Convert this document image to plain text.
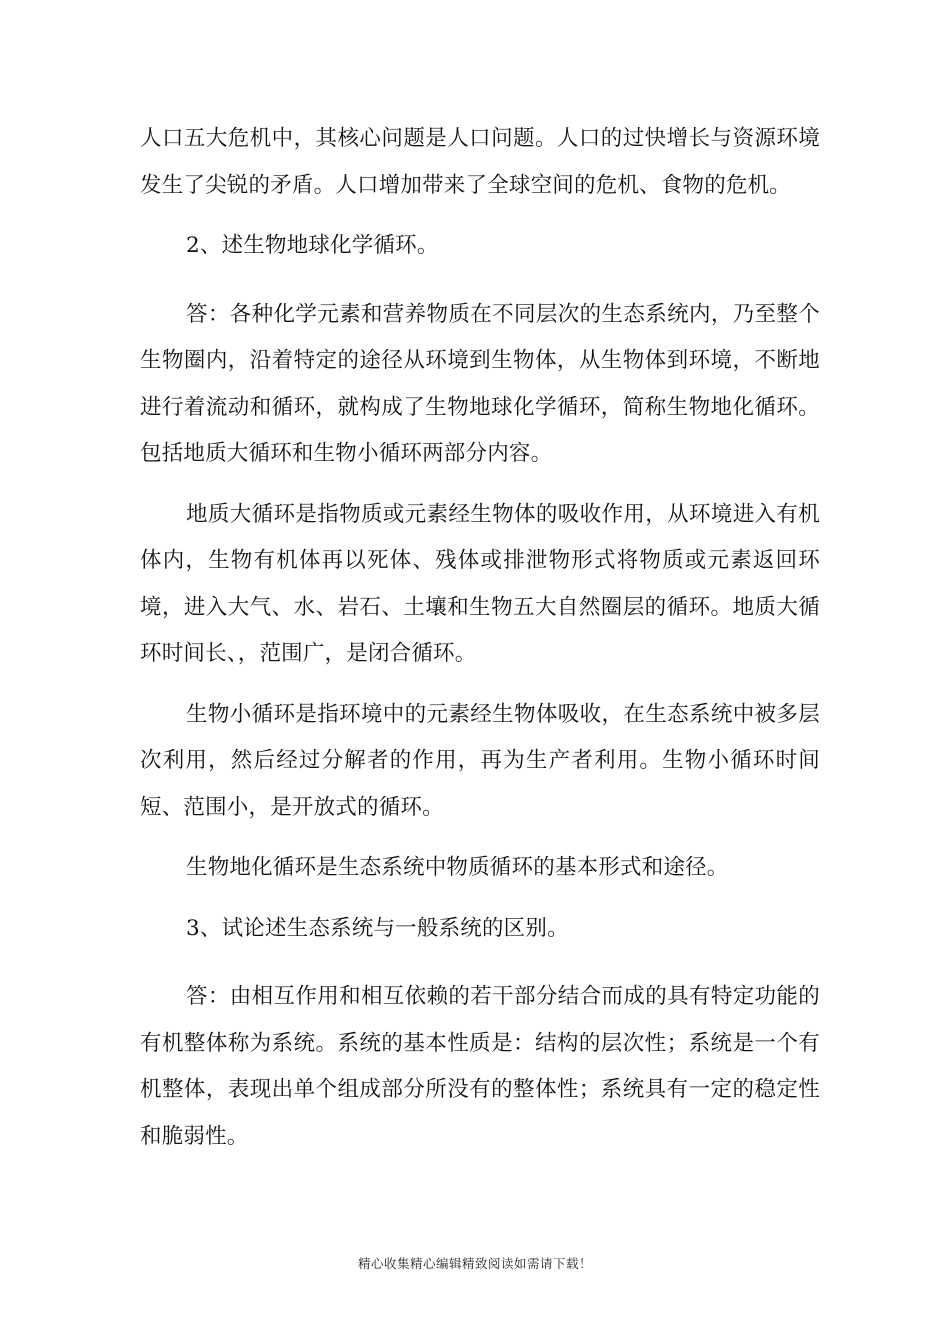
人口五大危机中，其核心问题是人口问题。人口的过快增长与资源环境发生了尖锐的矛盾。人口增加带来了全球空间的危机、食物的危机。

2、述生物地球化学循环。

答：各种化学元素和营养物质在不同层次的生态系统内，乃至整个生物圈内，沿着特定的途径从环境到生物体，从生物体到环境，不断地进行着流动和循环，就构成了生物地球化学循环，简称生物地化循环。包括地质大循环和生物小循环两部分内容。

地质大循环是指物质或元素经生物体的吸收作用，从环境进入有机体内，生物有机体再以死体、残体或排泄物形式将物质或元素返回环境，进入大气、水、岩石、土壤和生物五大自然圈层的循环。地质大循环时间长、，范围广，是闭合循环。

生物小循环是指环境中的元素经生物体吸收，在生态系统中被多层次利用，然后经过分解者的作用，再为生产者利用。生物小循环时间短、范围小，是开放式的循环。

生物地化循环是生态系统中物质循环的基本形式和途径。

3、试论述生态系统与一般系统的区别。

答：由相互作用和相互依赖的若干部分结合而成的具有特定功能的有机整体称为系统。系统的基本性质是：结构的层次性；系统是一个有机整体，表现出单个组成部分所没有的整体性；系统具有一定的稳定性和脆弱性。

精心收集精心编辑精致阅读如需请下载！
